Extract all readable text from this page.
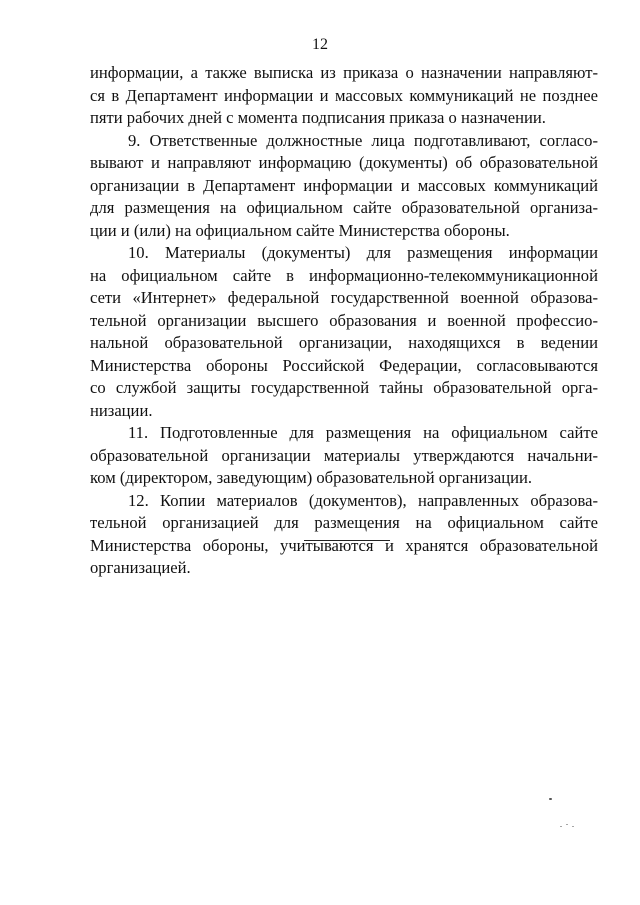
12
информации, а также выписка из приказа о назначении направляют-
ся в Департамент информации и массовых коммуникаций не позднее
пяти рабочих дней с момента подписания приказа о назначении.
9. Ответственные должностные лица подготавливают, согласо-
вывают и направляют информацию (документы) об образовательной
организации в Департамент информации и массовых коммуникаций
для размещения на официальном сайте образовательной организа-
ции и (или) на официальном сайте Министерства обороны.
10. Материалы (документы) для размещения информации
на официальном сайте в информационно-телекоммуникационной
сети «Интернет» федеральной государственной военной образова-
тельной организации высшего образования и военной профессио-
нальной образовательной организации, находящихся в ведении
Министерства обороны Российской Федерации, согласовываются
со службой защиты государственной тайны образовательной орга-
низации.
11. Подготовленные для размещения на официальном сайте
образовательной организации материалы утверждаются начальни-
ком (директором, заведующим) образовательной организации.
12. Копии материалов (документов), направленных образова-
тельной организацией для размещения на официальном сайте
Министерства обороны, учитываются и хранятся образовательной
организацией.
